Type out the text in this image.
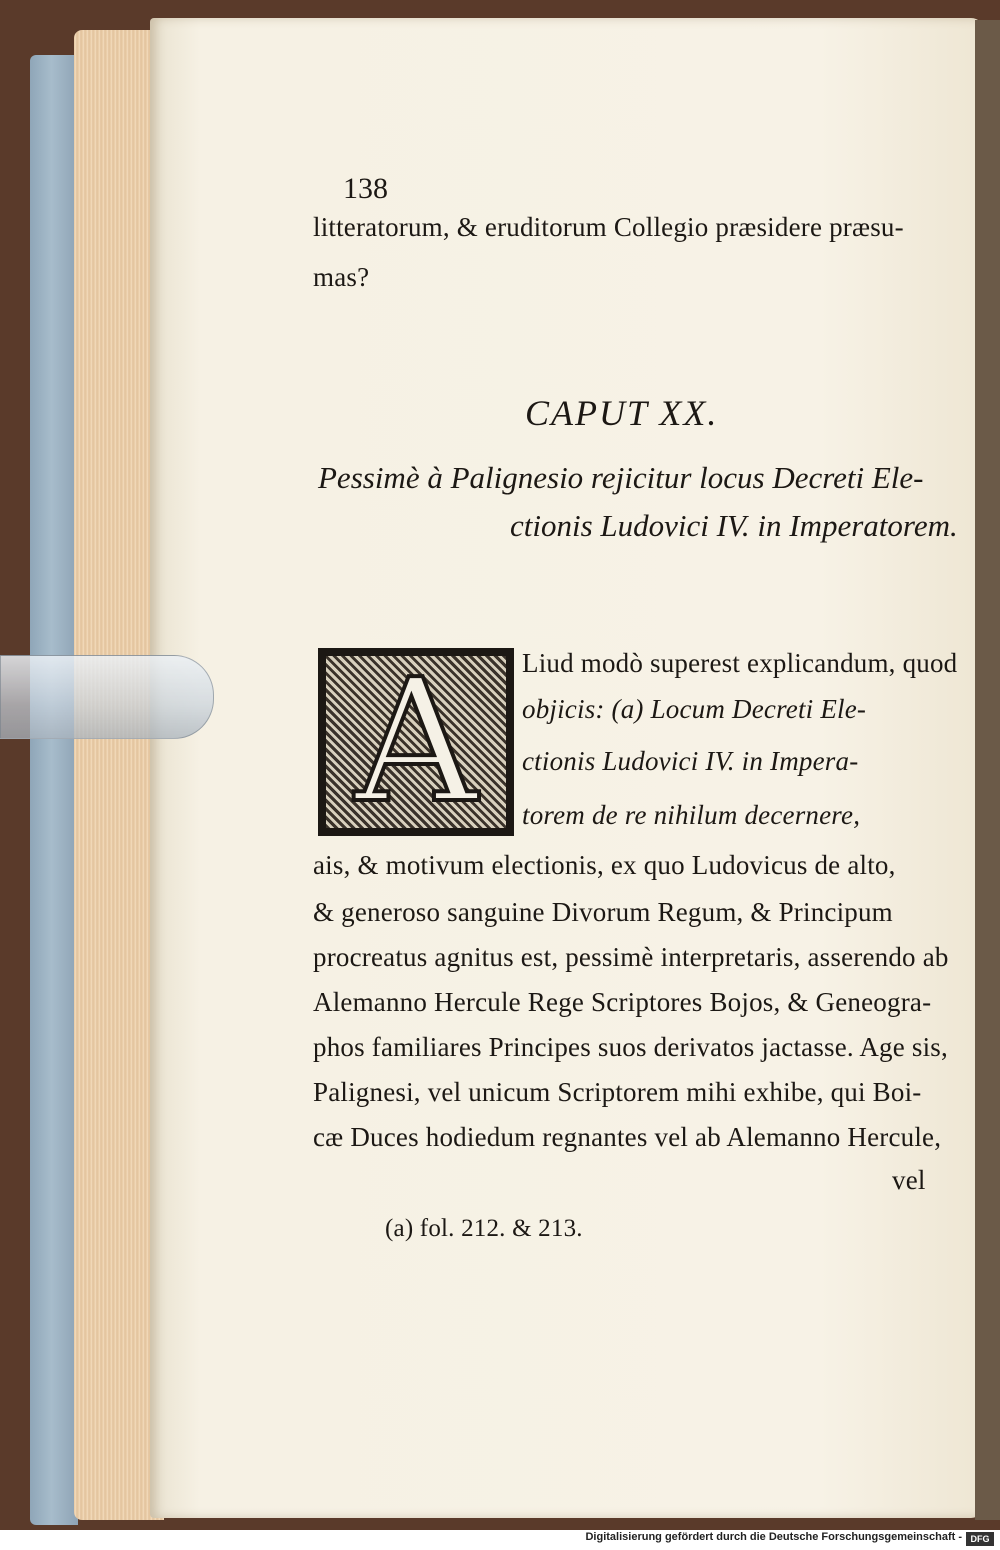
138
litteratorum, & eruditorum Collegio præsidere præsu-
mas?
CAPUT XX.
Pessimè à Palignesio rejicitur locus Decreti Ele-
ctionis Ludovici IV. in Imperatorem.
A Liud modò superest explicandum, quod
objicis: (a) Locum Decreti Ele-
ctionis Ludovici IV. in Impera-
torem de re nihilum decernere,
ais, & motivum electionis, ex quo Ludovicus de alto,
& generoso sanguine Divorum Regum, & Principum
procreatus agnitus est, pessimè interpretaris, asserendo ab
Alemanno Hercule Rege Scriptores Bojos, & Geneogra-
phos familiares Principes suos derivatos jactasse. Age sis,
Palignesi, vel unicum Scriptorem mihi exhibe, qui Boi-
cæ Duces hodiedum regnantes vel ab Alemanno Hercule,
vel
(a) fol. 212. & 213.
Digitalisierung gefördert durch die Deutsche Forschungsgemeinschaft - DFG
